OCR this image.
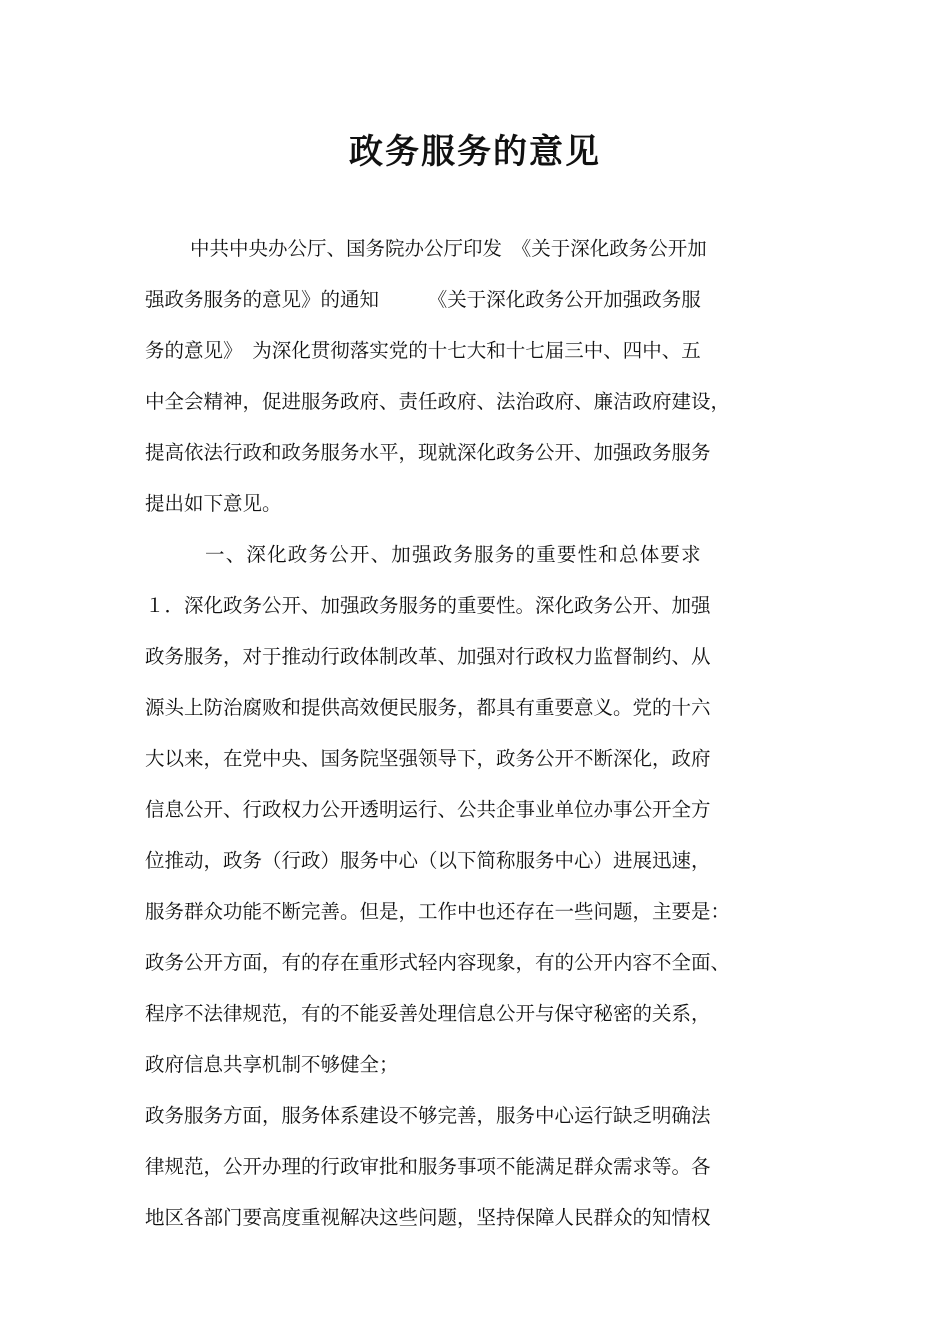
政务服务的意见
中共中央办公厅、国务院办公厅印发　《关于深化政务公开加
强政务服务的意见》的通知　　　《关于深化政务公开加强政务服
务的意见》　为深化贯彻落实党的十七大和十七届三中、四中、五
中全会精神，促进服务政府、责任政府、法治政府、廉洁政府建设，
提高依法行政和政务服务水平，现就深化政务公开、加强政务服务
提出如下意见。
一、深化政务公开、加强政务服务的重要性和总体要求
１．深化政务公开、加强政务服务的重要性。深化政务公开、加强
政务服务，对于推动行政体制改革、加强对行政权力监督制约、从
源头上防治腐败和提供高效便民服务，都具有重要意义。党的十六
大以来，在党中央、国务院坚强领导下，政务公开不断深化，政府
信息公开、行政权力公开透明运行、公共企事业单位办事公开全方
位推动，政务（行政）服务中心（以下简称服务中心）进展迅速，
服务群众功能不断完善。但是，工作中也还存在一些问题，主要是：
政务公开方面，有的存在重形式轻内容现象，有的公开内容不全面、
程序不法律规范，有的不能妥善处理信息公开与保守秘密的关系，
政府信息共享机制不够健全；
政务服务方面，服务体系建设不够完善，服务中心运行缺乏明确法
律规范，公开办理的行政审批和服务事项不能满足群众需求等。各
地区各部门要高度重视解决这些问题，坚持保障人民群众的知情权
